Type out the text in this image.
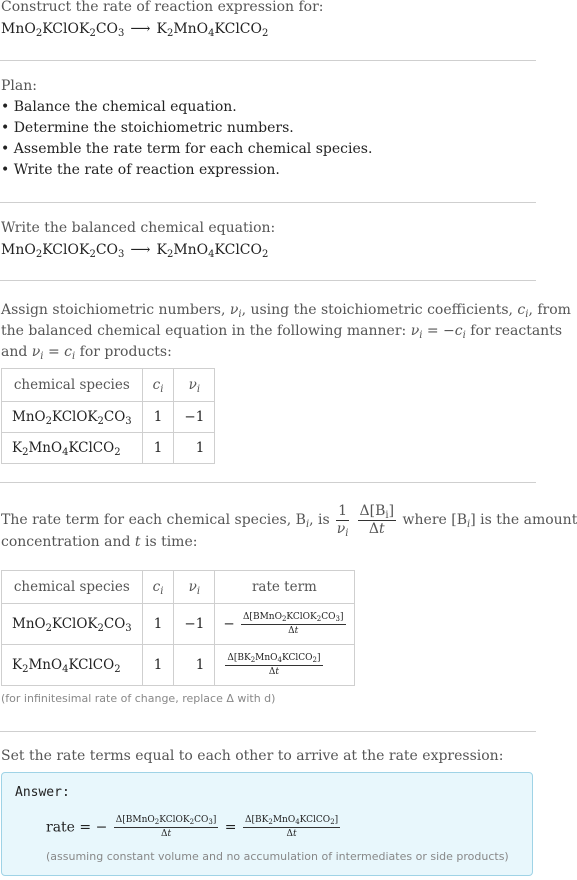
Construct the rate of reaction expression for:

$MnO_2KClOK_2CO_3$ ⟶ $K_2MnO_4KClCO_2$

Plan:

• Balance the chemical equation.

• Determine the stoichiometric numbers.

• Assemble the rate term for each chemical species.

• Write the rate of reaction expression.

Write the balanced chemical equation:

$MnO_2KClOK_2CO_3$ ⟶ $K_2MnO_4KClCO_2$

Assign stoichiometric numbers, $\nu_i$, using the stoichiometric coefficients, $c_i$, from

the balanced chemical equation in the following manner: $\nu_i = -c_i$ for reactants

and $\nu_i = c_i$ for products:

chemical species	$c_i$	$\nu_i$
$MnO_2KClOK_2CO_3$	1	−1
$K_2MnO_4KClCO_2$	1	1

The rate term for each chemical species, $B_i$, is $\frac{1}{\nu_i}$
$\frac{\Delta[B_i]}{\Delta t}$ where $[B_i]$ is the amount

concentration and t is time:

chemical species	$c_i$	$\nu_i$	rate term
$MnO_2KClOK_2CO_3$	1	−1	− $\frac{\Delta[BMnO_2KClOK_2CO_3]}{\Delta t}$

$K_2MnO_4KClCO_2$	1	1	$\frac{\Delta[BK_2MnO_4KClCO_2]}{\Delta t}$
(for infinitesimal rate of change, replace Δ with d)

Set the rate terms equal to each other to arrive at the rate expression:

Answer:
rate = − $\frac{\Delta[BMnO_2KClOK_2CO_3]}{\Delta t} = \frac{\Delta[BK_2MnO_4KClCO_2]}{\Delta t}$
(assuming constant volume and no accumulation of intermediates or side products)
